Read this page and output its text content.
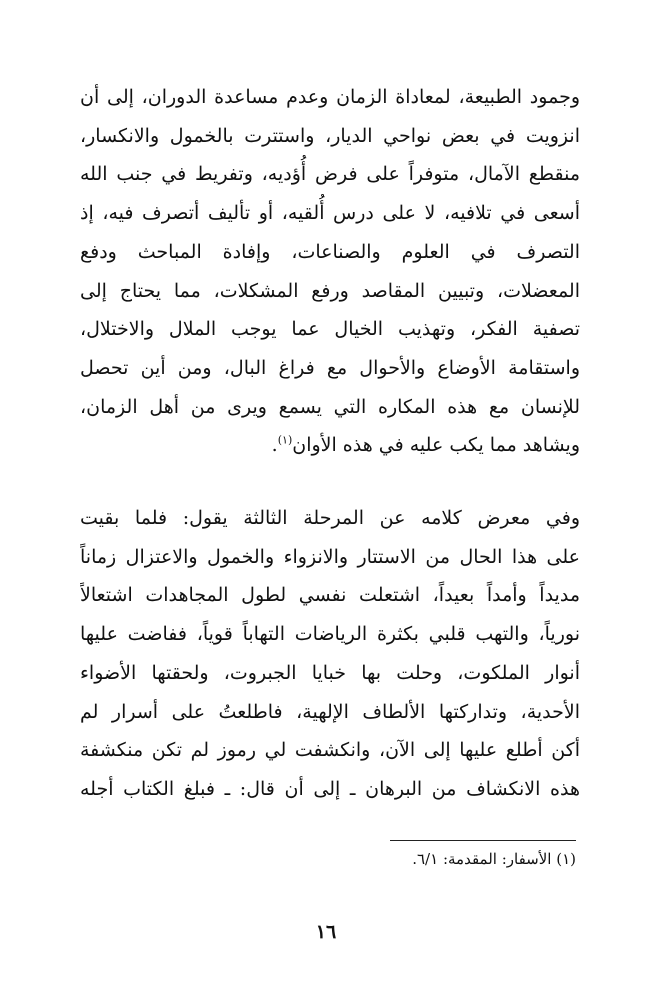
وجمود الطبيعة، لمعاداة الزمان وعدم مساعدة الدوران، إلى أن
انزويت في بعض نواحي الديار، واستترت بالخمول والانكسار،
منقطع الآمال، متوفراً على فرض أُؤديه، وتفريط في جنب الله
أسعى في تلافيه، لا على درس أُلقيه، أو تأليف أتصرف فيه، إذ
التصرف في العلوم والصناعات، وإفادة المباحث ودفع
المعضلات، وتبيين المقاصد ورفع المشكلات، مما يحتاج إلى
تصفية الفكر، وتهذيب الخيال عما يوجب الملال والاختلال،
واستقامة الأوضاع والأحوال مع فراغ البال، ومن أين تحصل
للإنسان مع هذه المكاره التي يسمع ويرى من أهل الزمان،
ويشاهد مما يكب عليه في هذه الأوان$^{(١)}$.
وفي معرض كلامه عن المرحلة الثالثة يقول: فلما بقيت
على هذا الحال من الاستتار والانزواء والخمول والاعتزال زماناً
مديداً وأمداً بعيداً، اشتعلت نفسي لطول المجاهدات اشتعالاً
نورياً، والتهب قلبي بكثرة الرياضات التهاباً قوياً، ففاضت عليها
أنوار الملكوت، وحلت بها خبايا الجبروت، ولحقتها الأضواء
الأحدية، وتداركتها الألطاف الإلهية، فاطلعتُ على أسرار لم
أكن أطلع عليها إلى الآن، وانكشفت لي رموز لم تكن منكشفة
هذه الانكشاف من البرهان ـ إلى أن قال: ـ فبلغ الكتاب أجله
(١) الأسفار: المقدمة: ٦/١.
١٦
